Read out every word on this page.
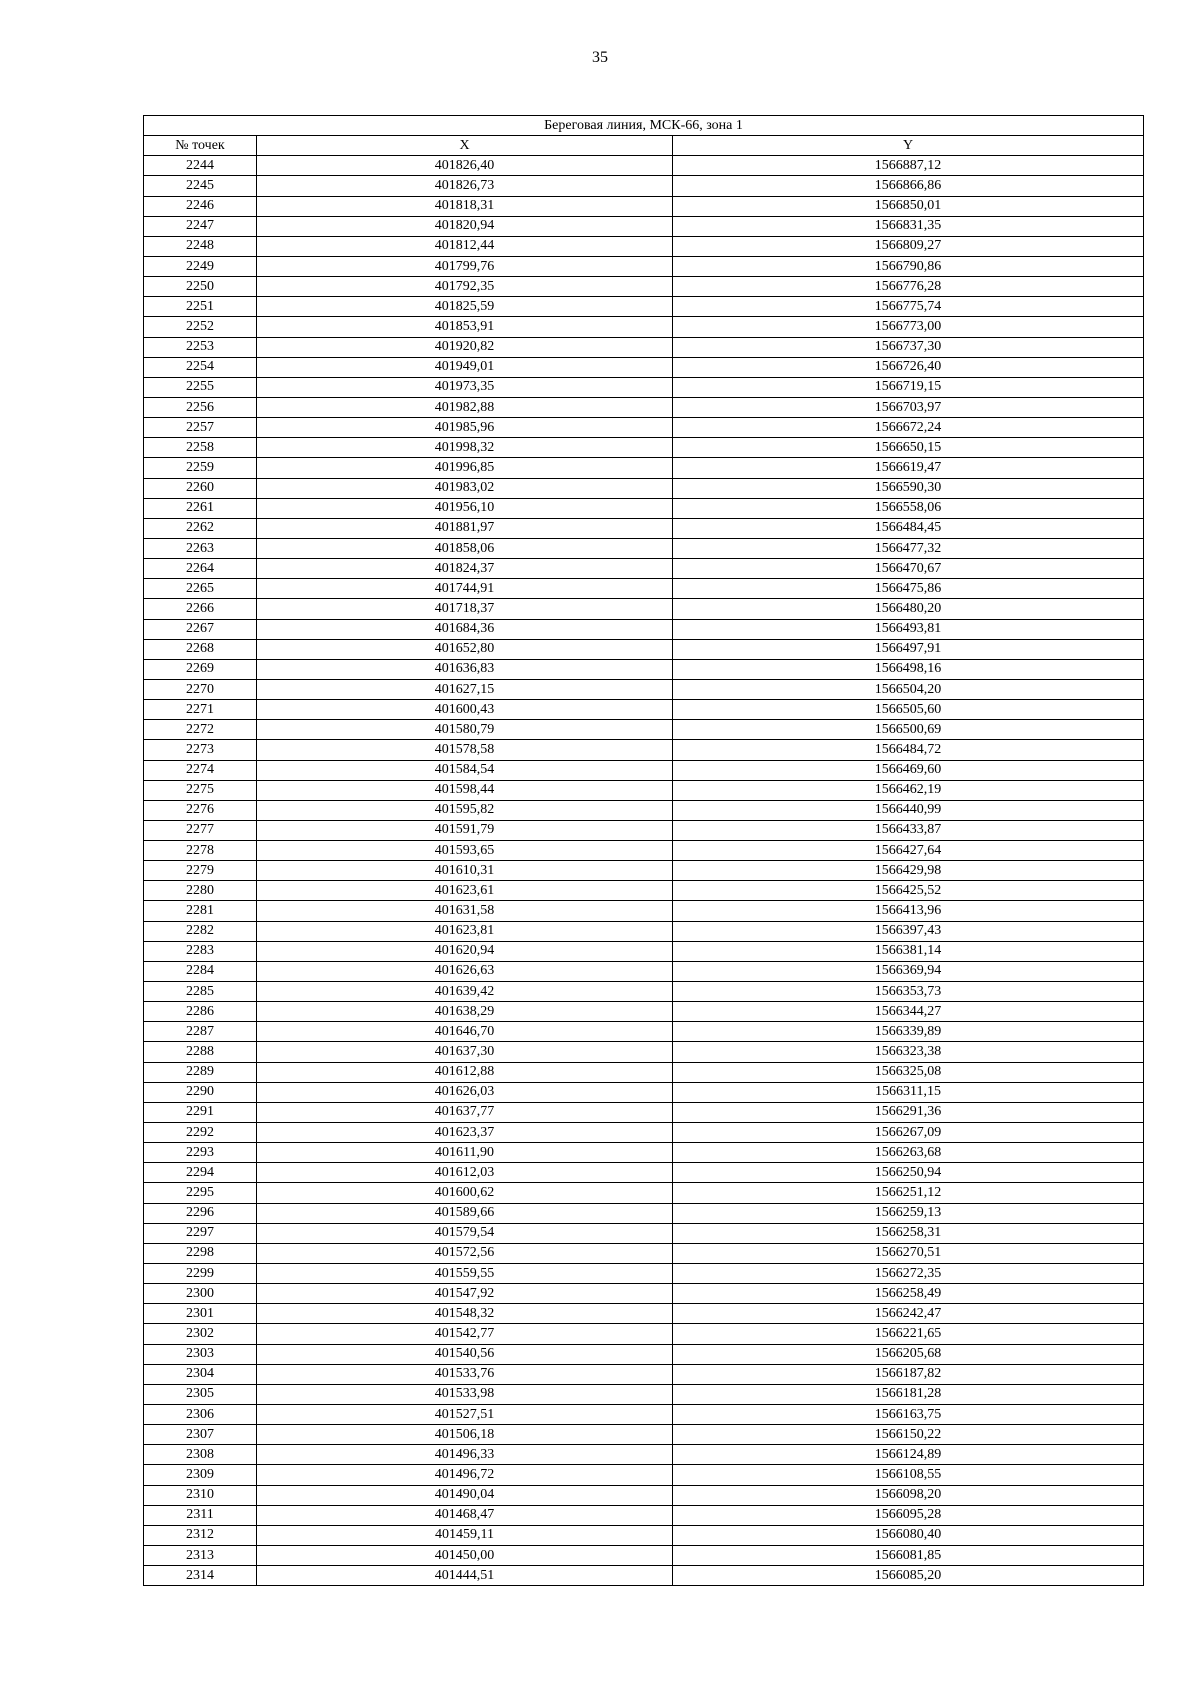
35
Береговая линия, МСК-66, зона 1		
№ точек	X	Y
2244	401826,40	1566887,12
2245	401826,73	1566866,86
2246	401818,31	1566850,01
2247	401820,94	1566831,35
2248	401812,44	1566809,27
2249	401799,76	1566790,86
2250	401792,35	1566776,28
2251	401825,59	1566775,74
2252	401853,91	1566773,00
2253	401920,82	1566737,30
2254	401949,01	1566726,40
2255	401973,35	1566719,15
2256	401982,88	1566703,97
2257	401985,96	1566672,24
2258	401998,32	1566650,15
2259	401996,85	1566619,47
2260	401983,02	1566590,30
2261	401956,10	1566558,06
2262	401881,97	1566484,45
2263	401858,06	1566477,32
2264	401824,37	1566470,67
2265	401744,91	1566475,86
2266	401718,37	1566480,20
2267	401684,36	1566493,81
2268	401652,80	1566497,91
2269	401636,83	1566498,16
2270	401627,15	1566504,20
2271	401600,43	1566505,60
2272	401580,79	1566500,69
2273	401578,58	1566484,72
2274	401584,54	1566469,60
2275	401598,44	1566462,19
2276	401595,82	1566440,99
2277	401591,79	1566433,87
2278	401593,65	1566427,64
2279	401610,31	1566429,98
2280	401623,61	1566425,52
2281	401631,58	1566413,96
2282	401623,81	1566397,43
2283	401620,94	1566381,14
2284	401626,63	1566369,94
2285	401639,42	1566353,73
2286	401638,29	1566344,27
2287	401646,70	1566339,89
2288	401637,30	1566323,38
2289	401612,88	1566325,08
2290	401626,03	1566311,15
2291	401637,77	1566291,36
2292	401623,37	1566267,09
2293	401611,90	1566263,68
2294	401612,03	1566250,94
2295	401600,62	1566251,12
2296	401589,66	1566259,13
2297	401579,54	1566258,31
2298	401572,56	1566270,51
2299	401559,55	1566272,35
2300	401547,92	1566258,49
2301	401548,32	1566242,47
2302	401542,77	1566221,65
2303	401540,56	1566205,68
2304	401533,76	1566187,82
2305	401533,98	1566181,28
2306	401527,51	1566163,75
2307	401506,18	1566150,22
2308	401496,33	1566124,89
2309	401496,72	1566108,55
2310	401490,04	1566098,20
2311	401468,47	1566095,28
2312	401459,11	1566080,40
2313	401450,00	1566081,85
2314	401444,51	1566085,20
